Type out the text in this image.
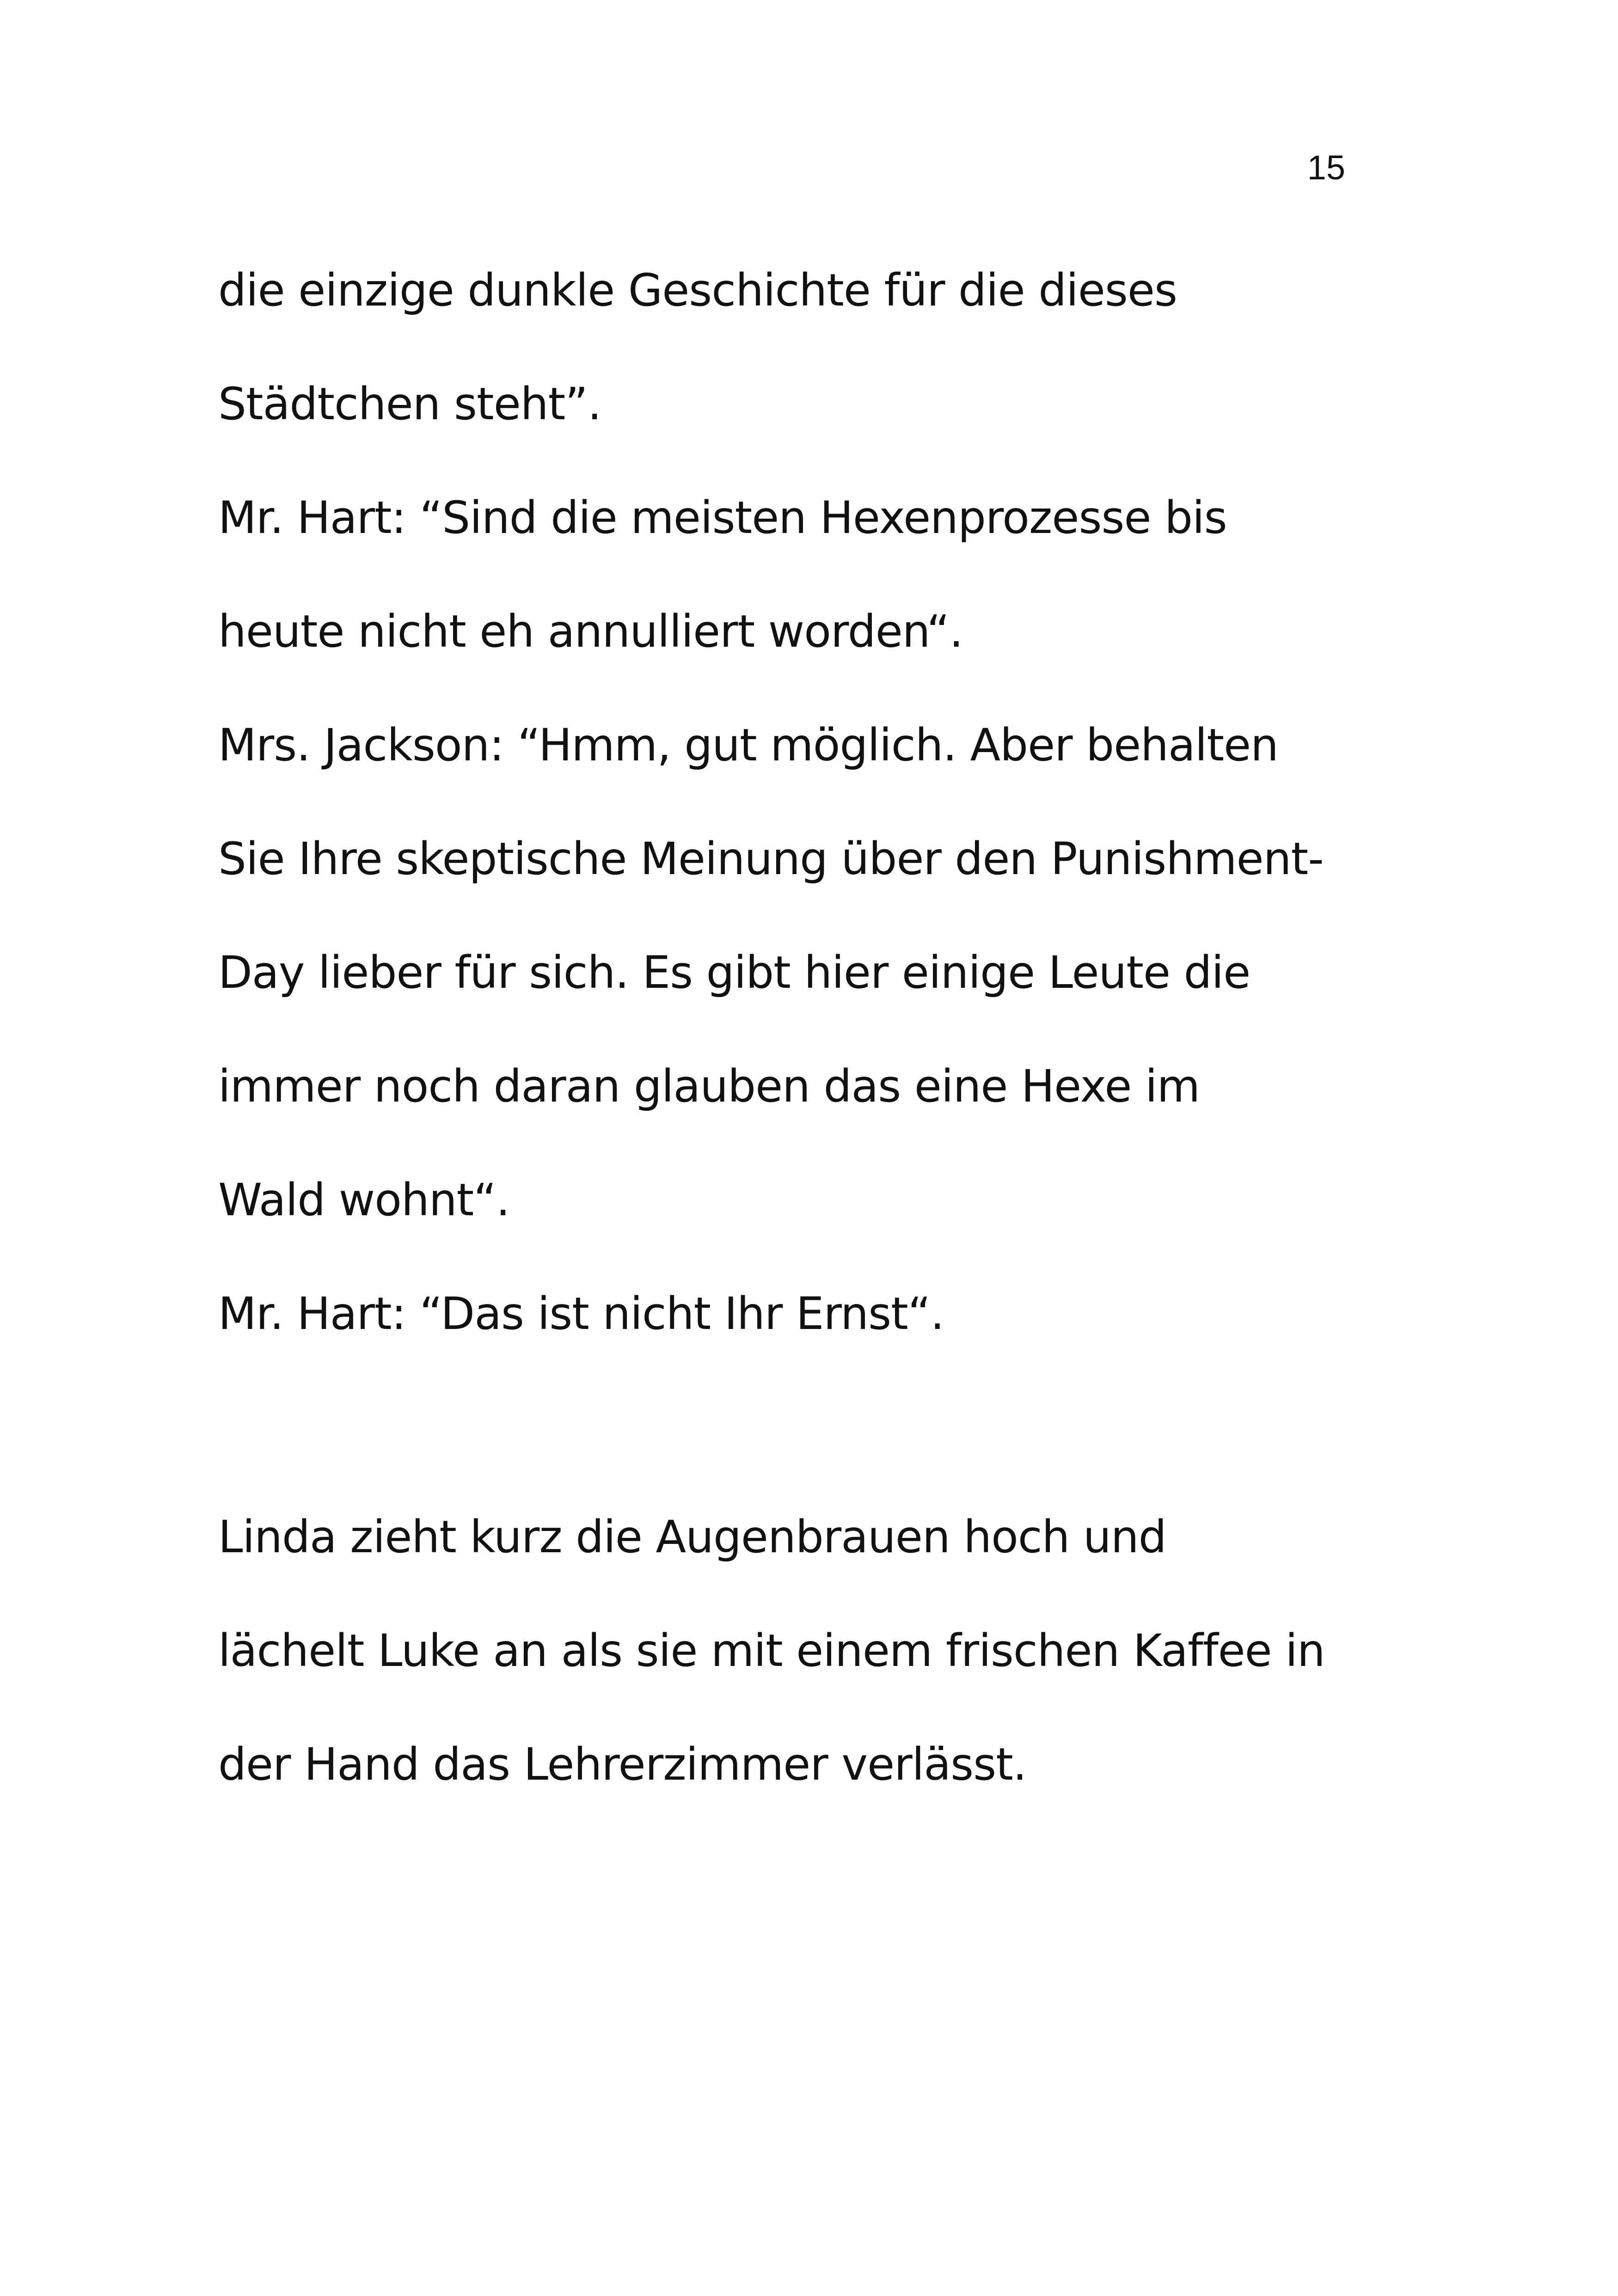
15
die einzige dunkle Geschichte für die dieses
Städtchen steht”.
Mr. Hart: “Sind die meisten Hexenprozesse bis
heute nicht eh annulliert worden“.
Mrs. Jackson: “Hmm, gut möglich. Aber behalten
Sie Ihre skeptische Meinung über den Punishment-
Day lieber für sich. Es gibt hier einige Leute die
immer noch daran glauben das eine Hexe im
Wald wohnt“.
Mr. Hart: “Das ist nicht Ihr Ernst“.
Linda zieht kurz die Augenbrauen hoch und
lächelt Luke an als sie mit einem frischen Kaffee in
der Hand das Lehrerzimmer verlässt.
